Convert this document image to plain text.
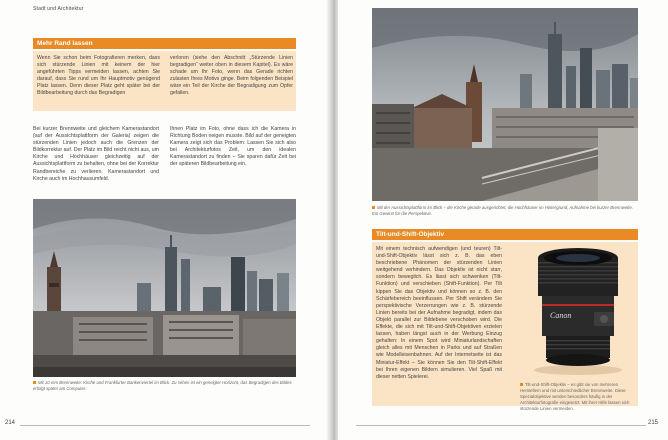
Stadt und Architektur
Mehr Rand lassen
Wenn Sie schon beim Fotografieren merken, dass sich stürzende Linien mit keinem der hier angeführten Tipps vermeiden lassen, achten Sie darauf, dass Sie rund um Ihr Hauptmotiv genügend Platz lassen. Denn dieser Platz geht später bei der Bildbearbeitung durch das Begradigen
verloren (siehe den Abschnitt „Stürzende Linien begradigen“ weiter oben in diesem Kapitel). Es wäre schade um Ihr Foto, wenn das Gerade richten zulasten Ihres Motivs ginge. Beim folgenden Beispiel wäre ein Teil der Kirche der Begradigung zum Opfer gefallen.
Bei kurzer Brennweite und gleichem Kamerastandort (auf der Aussichtsplattform der Galeria) zeigen die stürzenden Linien jedoch auch die Grenzen der Bildkorrektur auf. Der Platz im Bild reicht nicht aus, um Kirche und Hochhäuser gleichzeitig auf der Aussichtsplattform zu behalten, ohne bei der Korrektur Randbereiche zu verlieren. Kamerastandort und Kirche auch im Hochhausumfeld.
Ihnen Platz im Foto, ohne dass ich die Kamera in Richtung Boden neigen musste. Bild auf der geneigten Kamera zeigt sich das Problem: Lassen Sie sich also bei Architekturfotos Zeit, um den idealen Kamerastandort zu finden – Sie sparen dafür Zeit bei der späteren Bildbearbeitung ein.
Mit 10 mm Brennweite: Kirche und Frankfurter Bankenviertel im Blick. Zu sehen ist ein geneigter Horizont, das Begradigen des Bildes erfolgt später am Computer.
214
Mit der Aussichtsplattform im Blick – die Kirche gerade ausgerichtet, die Hochhäuser im Hintergrund, Aufnahme bei kurzer Brennweite. Ein Gewinn für die Perspektive.
Tilt-und-Shift-Objektiv
Mit einem technisch aufwendigen (und teuren) Tilt-und-Shift-Objektiv lässt sich z. B. das eben beschriebene Phänomen der stürzenden Linien weitgehend verhindern. Das Objektiv ist nicht starr, sondern beweglich. Es lässt sich schwenken (Tilt-Funktion) und verschieben (Shift-Funktion). Per Tilt kippen Sie das Objektiv und können so z. B. den Schärfebereich beeinflussen. Per Shift verändern Sie perspektivische Verzerrungen wie z. B. stürzende Linien bereits bei der Aufnahme begradigt, indem das Objekt parallel zur Bildebene verschoben wird. Die Effekte, die sich mit Tilt-und-Shift-Objektiven erzielen lassen, haben längst auch in der Werbung Einzug gehalten: In einem Spot wird Miniaturlandschaften gleich alles mit Menschen in Parks und auf Straßen wie Modelleisenbahnen. Auf der Internetseite ist das Miniatur-Effekt – Sie können Sie den Tilt-Shift-Effekt bei Ihren eigenen Bildern simulieren. Viel Spaß mit dieser netten Spielerei.
Canon
Tilt-und-Shift-Objektiv – es gibt sie von mehreren Herstellern und mit unterschiedlicher Brennweite. Diese Spezialobjektive werden besonders häufig in der Architekturfotografie eingesetzt. Mit ihrer Hilfe lassen sich stürzende Linien vermeiden.
215
